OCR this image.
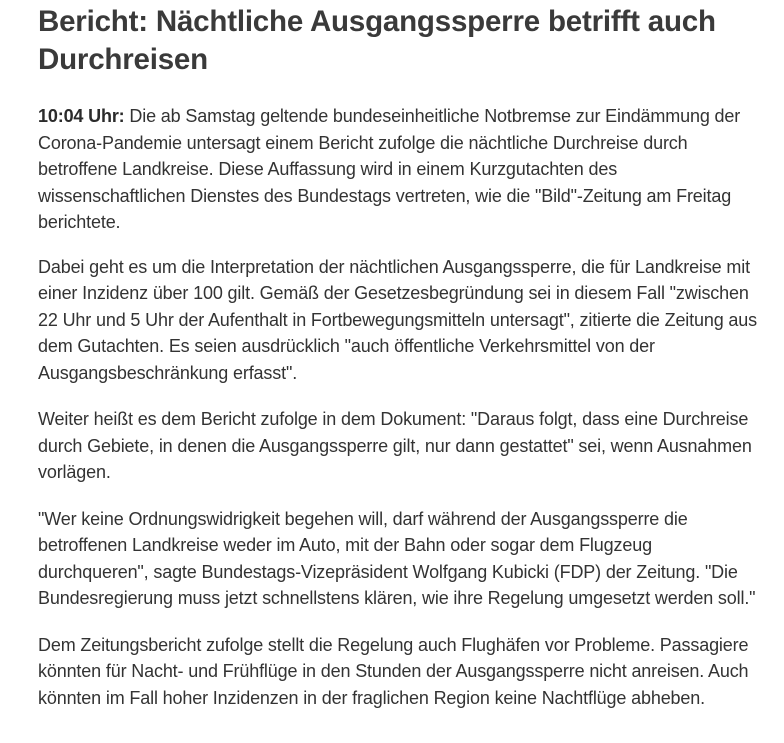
Bericht: Nächtliche Ausgangssperre betrifft auch Durchreisen

10:04 Uhr: Die ab Samstag geltende bundeseinheitliche Notbremse zur Eindämmung der Corona-Pandemie untersagt einem Bericht zufolge die nächtliche Durchreise durch betroffene Landkreise. Diese Auffassung wird in einem Kurzgutachten des wissenschaftlichen Dienstes des Bundestags vertreten, wie die "Bild"-Zeitung am Freitag berichtete.

Dabei geht es um die Interpretation der nächtlichen Ausgangssperre, die für Landkreise mit einer Inzidenz über 100 gilt. Gemäß der Gesetzesbegründung sei in diesem Fall "zwischen 22 Uhr und 5 Uhr der Aufenthalt in Fortbewegungsmitteln untersagt", zitierte die Zeitung aus dem Gutachten. Es seien ausdrücklich "auch öffentliche Verkehrsmittel von der Ausgangsbeschränkung erfasst".

Weiter heißt es dem Bericht zufolge in dem Dokument: "Daraus folgt, dass eine Durchreise durch Gebiete, in denen die Ausgangssperre gilt, nur dann gestattet" sei, wenn Ausnahmen vorlägen.

"Wer keine Ordnungswidrigkeit begehen will, darf während der Ausgangssperre die betroffenen Landkreise weder im Auto, mit der Bahn oder sogar dem Flugzeug durchqueren", sagte Bundestags-Vizepräsident Wolfgang Kubicki (FDP) der Zeitung. "Die Bundesregierung muss jetzt schnellstens klären, wie ihre Regelung umgesetzt werden soll."

Dem Zeitungsbericht zufolge stellt die Regelung auch Flughäfen vor Probleme. Passagiere könnten für Nacht- und Frühflüge in den Stunden der Ausgangssperre nicht anreisen. Auch könnten im Fall hoher Inzidenzen in der fraglichen Region keine Nachtflüge abheben.
